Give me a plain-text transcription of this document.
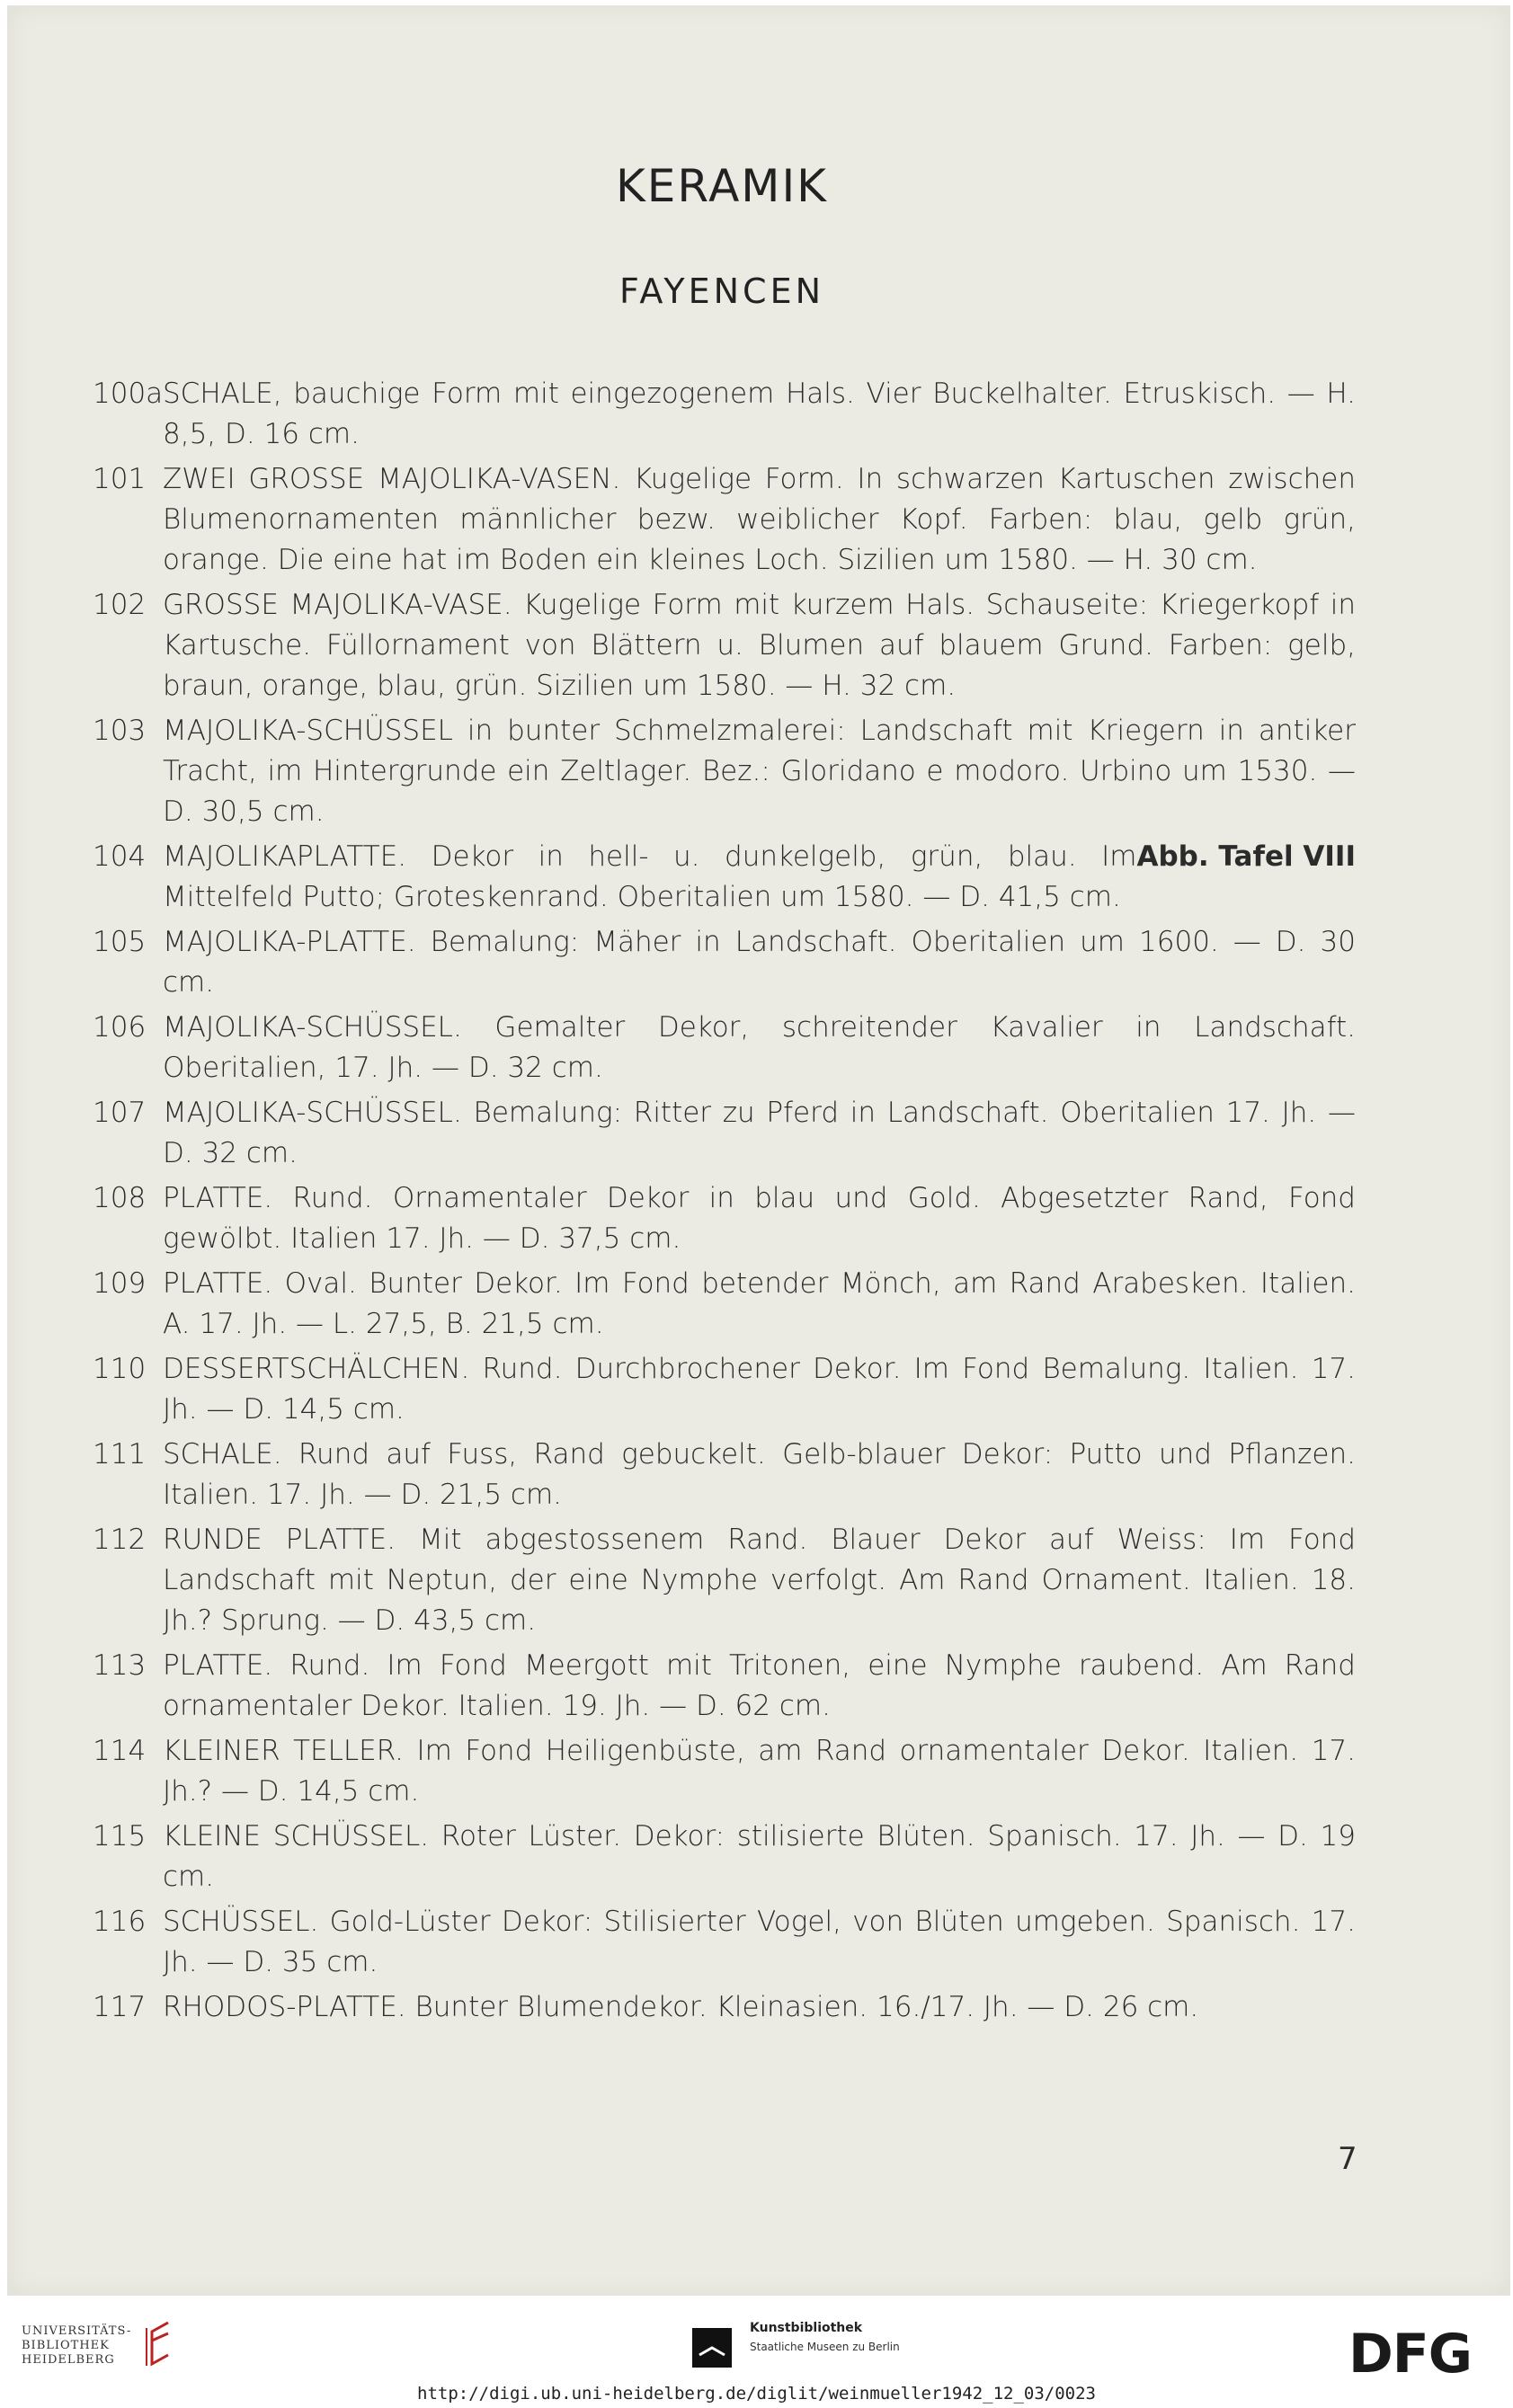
KERAMIK
FAYENCEN
100a SCHALE, bauchige Form mit eingezogenem Hals. Vier Buckelhalter. Etruskisch. — H. 8,5, D. 16 cm.
101 ZWEI GROSSE MAJOLIKA-VASEN. Kugelige Form. In schwarzen Kartuschen zwischen Blumenornamenten männlicher bezw. weiblicher Kopf. Farben: blau, gelb grün, orange. Die eine hat im Boden ein kleines Loch. Sizilien um 1580. — H. 30 cm.
102 GROSSE MAJOLIKA-VASE. Kugelige Form mit kurzem Hals. Schauseite: Kriegerkopf in Kartusche. Füllornament von Blättern u. Blumen auf blauem Grund. Farben: gelb, braun, orange, blau, grün. Sizilien um 1580. — H. 32 cm.
103 MAJOLIKA-SCHÜSSEL in bunter Schmelzmalerei: Landschaft mit Kriegern in antiker Tracht, im Hintergrunde ein Zeltlager. Bez.: Gloridano e modoro. Urbino um 1530. — D. 30,5 cm.
104	Abb. Tafel VIII
MAJOLIKAPLATTE. Dekor in hell- u. dunkelgelb, grün, blau. Im Mittelfeld Putto; Groteskenrand. Oberitalien um 1580. — D. 41,5 cm.
105 MAJOLIKA-PLATTE. Bemalung: Mäher in Landschaft. Oberitalien um 1600. — D. 30 cm.
106 MAJOLIKA-SCHÜSSEL. Gemalter Dekor, schreitender Kavalier in Landschaft. Oberitalien, 17. Jh. — D. 32 cm.
107 MAJOLIKA-SCHÜSSEL. Bemalung: Ritter zu Pferd in Landschaft. Oberitalien 17. Jh. — D. 32 cm.
108 PLATTE. Rund. Ornamentaler Dekor in blau und Gold. Abgesetzter Rand, Fond gewölbt. Italien 17. Jh. — D. 37,5 cm.
109 PLATTE. Oval. Bunter Dekor. Im Fond betender Mönch, am Rand Arabesken. Italien. A. 17. Jh. — L. 27,5, B. 21,5 cm.
110 DESSERTSCHÄLCHEN. Rund. Durchbrochener Dekor. Im Fond Bemalung. Italien. 17. Jh. — D. 14,5 cm.
111 SCHALE. Rund auf Fuss, Rand gebuckelt. Gelb-blauer Dekor: Putto und Pflanzen. Italien. 17. Jh. — D. 21,5 cm.
112 RUNDE PLATTE. Mit abgestossenem Rand. Blauer Dekor auf Weiss: Im Fond Landschaft mit Neptun, der eine Nymphe verfolgt. Am Rand Ornament. Italien. 18. Jh.? Sprung. — D. 43,5 cm.
113 PLATTE. Rund. Im Fond Meergott mit Tritonen, eine Nymphe raubend. Am Rand ornamentaler Dekor. Italien. 19. Jh. — D. 62 cm.
114 KLEINER TELLER. Im Fond Heiligenbüste, am Rand ornamentaler Dekor. Italien. 17. Jh.? — D. 14,5 cm.
115 KLEINE SCHÜSSEL. Roter Lüster. Dekor: stilisierte Blüten. Spanisch. 17. Jh. — D. 19 cm.
116 SCHÜSSEL. Gold-Lüster Dekor: Stilisierter Vogel, von Blüten umgeben. Spanisch. 17. Jh. — D. 35 cm.
117 RHODOS-PLATTE. Bunter Blumendekor. Kleinasien. 16./17. Jh. — D. 26 cm.
7
UNIVERSITÄTS-
BIBLIOTHEK
HEIDELBERG
Kunstbibliothek
Staatliche Museen zu Berlin	DFG
http://digi.ub.uni-heidelberg.de/diglit/weinmueller1942_12_03/0023
